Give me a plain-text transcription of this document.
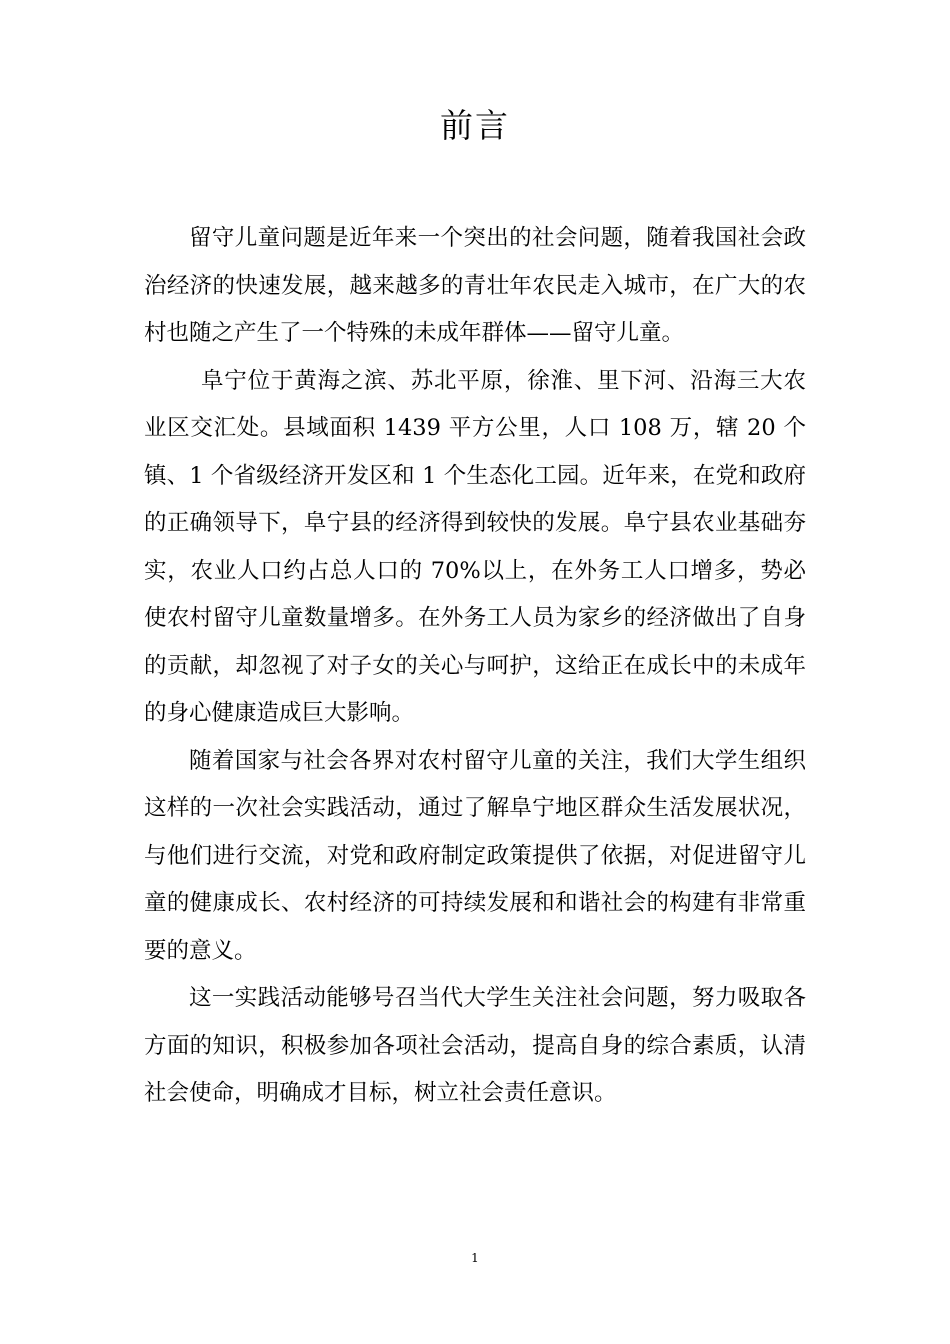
前言

留守儿童问题是近年来一个突出的社会问题，随着我国社会政治经济的快速发展，越来越多的青壮年农民走入城市，在广大的农村也随之产生了一个特殊的未成年群体——留守儿童。

阜宁位于黄海之滨、苏北平原，徐淮、里下河、沿海三大农业区交汇处。县域面积 1439 平方公里，人口 108 万，辖 20 个镇、1 个省级经济开发区和 1 个生态化工园。近年来，在党和政府的正确领导下，阜宁县的经济得到较快的发展。阜宁县农业基础夯实，农业人口约占总人口的 70%以上，在外务工人口增多，势必使农村留守儿童数量增多。在外务工人员为家乡的经济做出了自身的贡献，却忽视了对子女的关心与呵护，这给正在成长中的未成年的身心健康造成巨大影响。

随着国家与社会各界对农村留守儿童的关注，我们大学生组织这样的一次社会实践活动，通过了解阜宁地区群众生活发展状况，与他们进行交流，对党和政府制定政策提供了依据，对促进留守儿童的健康成长、农村经济的可持续发展和和谐社会的构建有非常重要的意义。

这一实践活动能够号召当代大学生关注社会问题，努力吸取各方面的知识，积极参加各项社会活动，提高自身的综合素质，认清社会使命，明确成才目标，树立社会责任意识。

1
